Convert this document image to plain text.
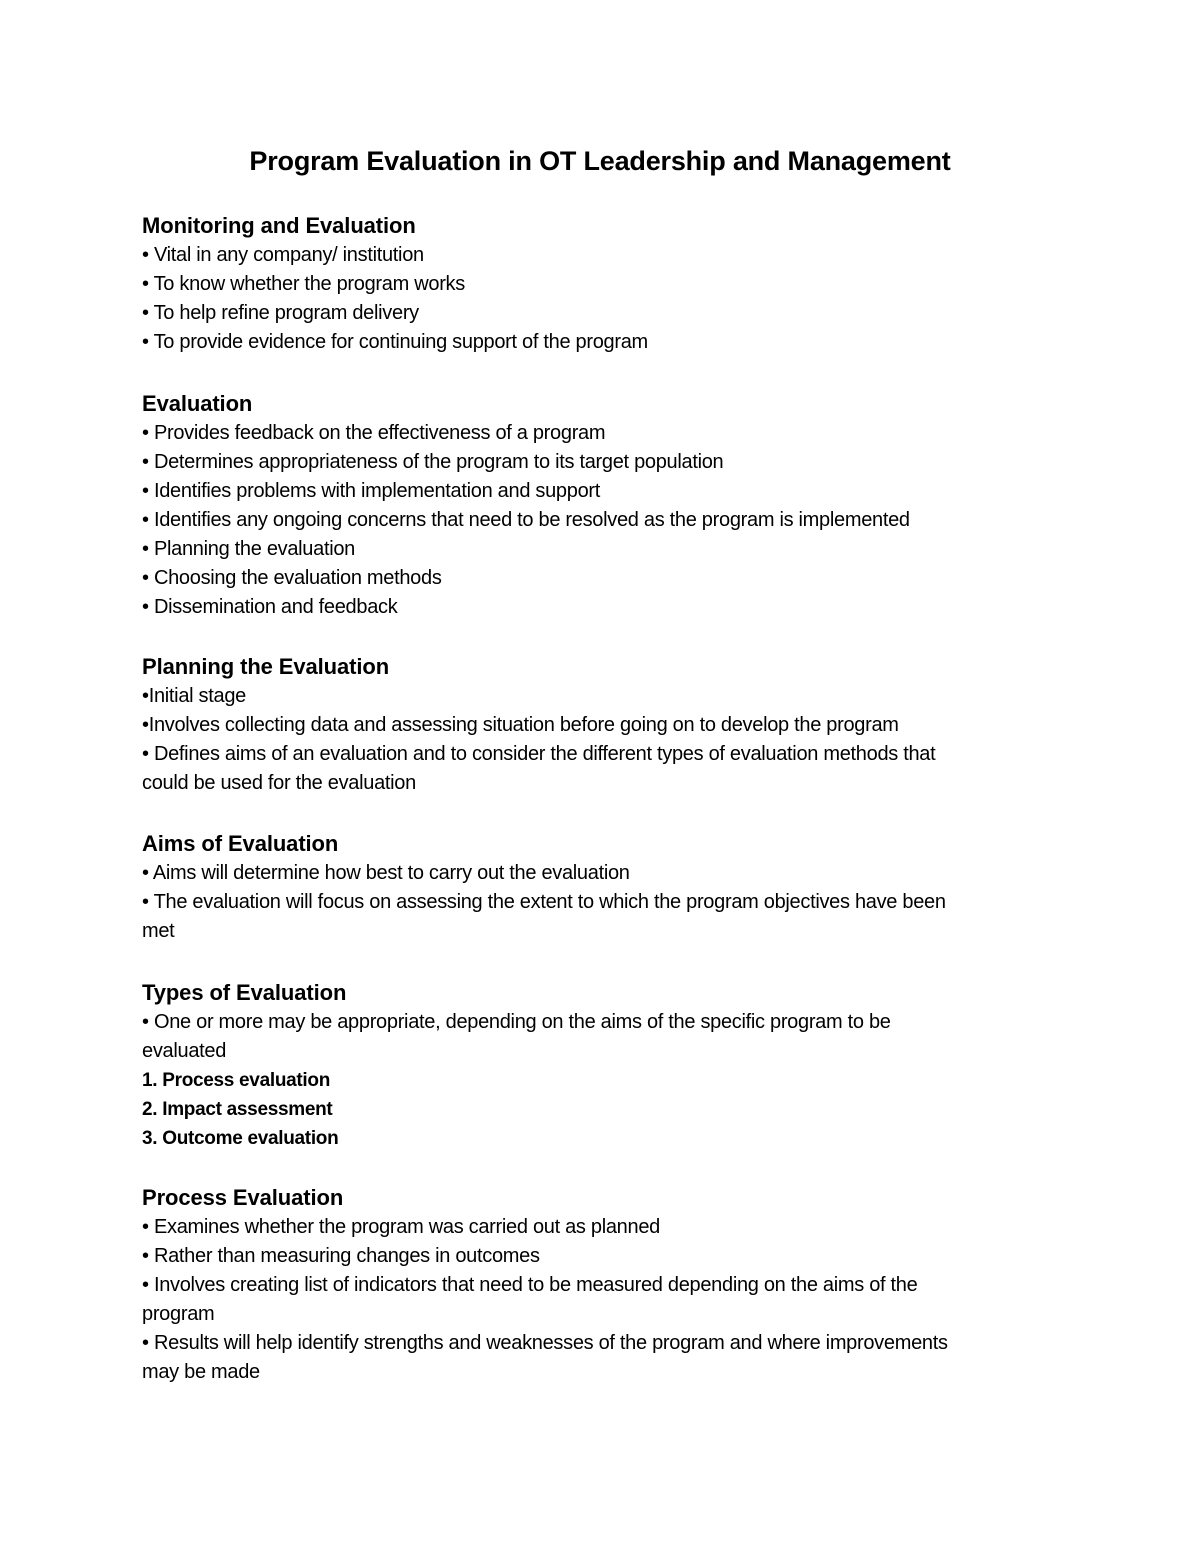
Program Evaluation in OT Leadership and Management
Monitoring and Evaluation
• Vital in any company/ institution
• To know whether the program works
• To help refine program delivery
• To provide evidence for continuing support of the program
Evaluation
• Provides feedback on the effectiveness of a program
• Determines appropriateness of the program to its target population
• Identifies problems with implementation and support
• Identifies any ongoing concerns that need to be resolved as the program is implemented
• Planning the evaluation
• Choosing the evaluation methods
• Dissemination and feedback
Planning the Evaluation
•Initial stage
•Involves collecting data and assessing situation before going on to develop the program
• Defines aims of an evaluation and to consider the different types of evaluation methods that
could be used for the evaluation
Aims of Evaluation
• Aims will determine how best to carry out the evaluation
• The evaluation will focus on assessing the extent to which the program objectives have been
met
Types of Evaluation
• One or more may be appropriate, depending on the aims of the specific program to be
evaluated
1. Process evaluation
2. Impact assessment
3. Outcome evaluation
Process Evaluation
• Examines whether the program was carried out as planned
• Rather than measuring changes in outcomes
• Involves creating list of indicators that need to be measured depending on the aims of the
program
• Results will help identify strengths and weaknesses of the program and where improvements
may be made
